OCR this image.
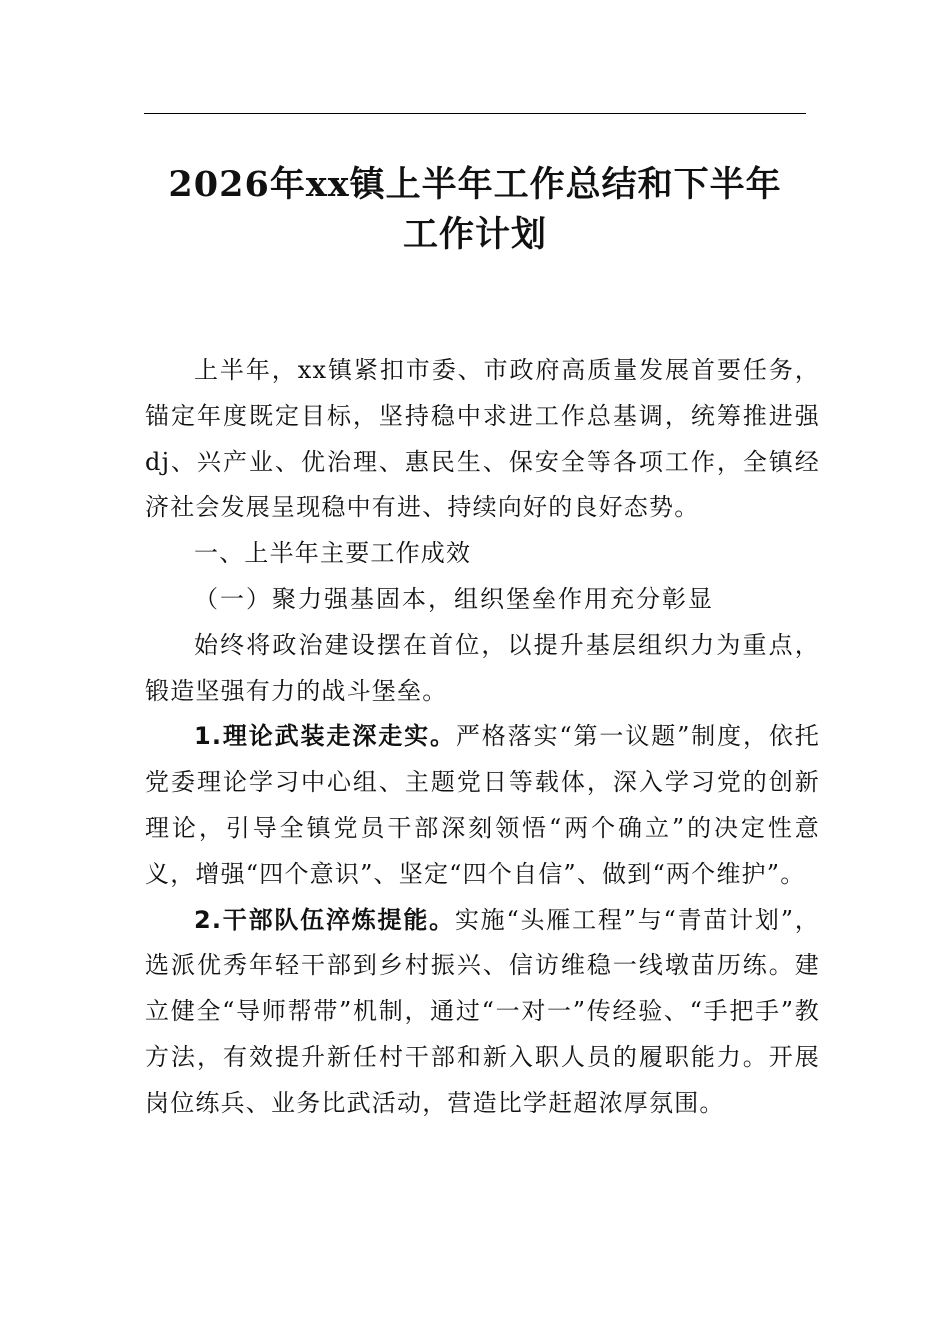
2026年xx镇上半年工作总结和下半年
工作计划

上半年，xx镇紧扣市委、市政府高质量发展首要任务，锚定年度既定目标，坚持稳中求进工作总基调，统筹推进强dj、兴产业、优治理、惠民生、保安全等各项工作，全镇经济社会发展呈现稳中有进、持续向好的良好态势。

一、上半年主要工作成效

（一）聚力强基固本，组织堡垒作用充分彰显

始终将政治建设摆在首位，以提升基层组织力为重点，锻造坚强有力的战斗堡垒。

1.理论武装走深走实。严格落实“第一议题”制度，依托党委理论学习中心组、主题党日等载体，深入学习党的创新理论，引导全镇党员干部深刻领悟“两个确立”的决定性意义，增强“四个意识”、坚定“四个自信”、做到“两个维护”。

2.干部队伍淬炼提能。实施“头雁工程”与“青苗计划”，选派优秀年轻干部到乡村振兴、信访维稳一线墩苗历练。建立健全“导师帮带”机制，通过“一对一”传经验、“手把手”教方法，有效提升新任村干部和新入职人员的履职能力。开展岗位练兵、业务比武活动，营造比学赶超浓厚氛围。
